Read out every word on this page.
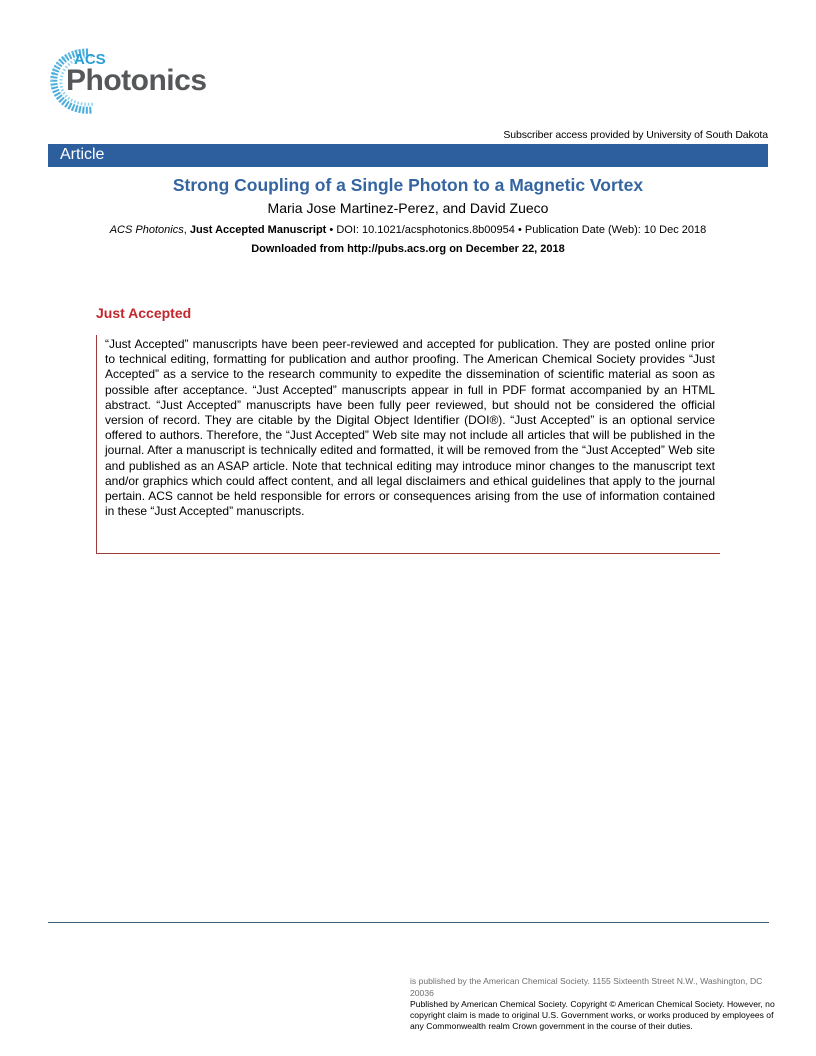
ACS
Photonics
Subscriber access provided by University of South Dakota
Article
Strong Coupling of a Single Photon to a Magnetic Vortex
Maria Jose Martinez-Perez, and David Zueco
ACS Photonics, Just Accepted Manuscript • DOI: 10.1021/acsphotonics.8b00954 • Publication Date (Web): 10 Dec 2018
Downloaded from http://pubs.acs.org on December 22, 2018
Just Accepted
“Just Accepted” manuscripts have been peer-reviewed and accepted for publication. They are posted online prior to technical editing, formatting for publication and author proofing. The American Chemical Society provides “Just Accepted” as a service to the research community to expedite the dissemination of scientific material as soon as possible after acceptance. “Just Accepted” manuscripts appear in full in PDF format accompanied by an HTML abstract. “Just Accepted” manuscripts have been fully peer reviewed, but should not be considered the official version of record. They are citable by the Digital Object Identifier (DOI®). “Just Accepted” is an optional service offered to authors. Therefore, the “Just Accepted” Web site may not include all articles that will be published in the journal. After a manuscript is technically edited and formatted, it will be removed from the “Just Accepted” Web site and published as an ASAP article. Note that technical editing may introduce minor changes to the manuscript text and/or graphics which could affect content, and all legal disclaimers and ethical guidelines that apply to the journal pertain. ACS cannot be held responsible for errors or consequences arising from the use of information contained in these “Just Accepted” manuscripts.
is published by the American Chemical Society. 1155 Sixteenth Street N.W., Washington, DC 20036
Published by American Chemical Society. Copyright © American Chemical Society. However, no copyright claim is made to original U.S. Government works, or works produced by employees of any Commonwealth realm Crown government in the course of their duties.
